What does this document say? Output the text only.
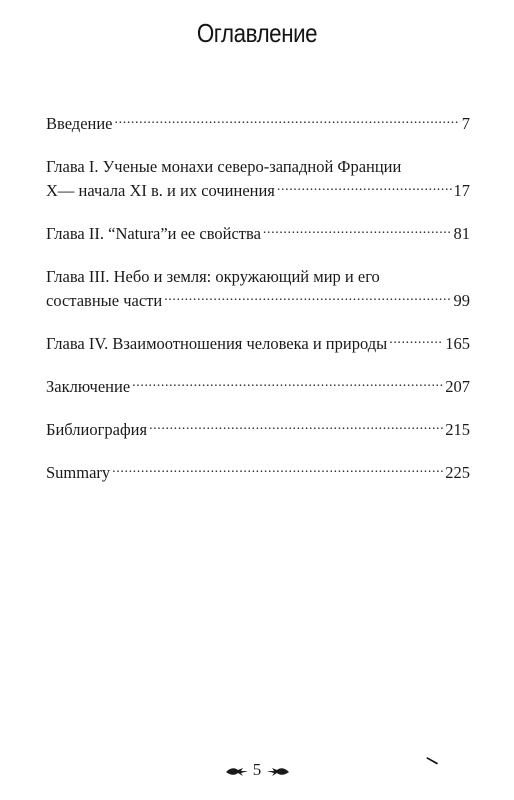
Оглавление
Введение .....	7
Глава I. Ученые монахи северо-западной Франции
X— начала XI в. и их сочинения .....	17
Глава II. “Natura”и ее свойства .....	81
Глава III. Небо и земля: окружающий мир и его
составные части .....	99
Глава IV. Взаимоотношения человека и природы .....	165
Заключение .....	207
Библиография .....	215
Summary .....	225
5
